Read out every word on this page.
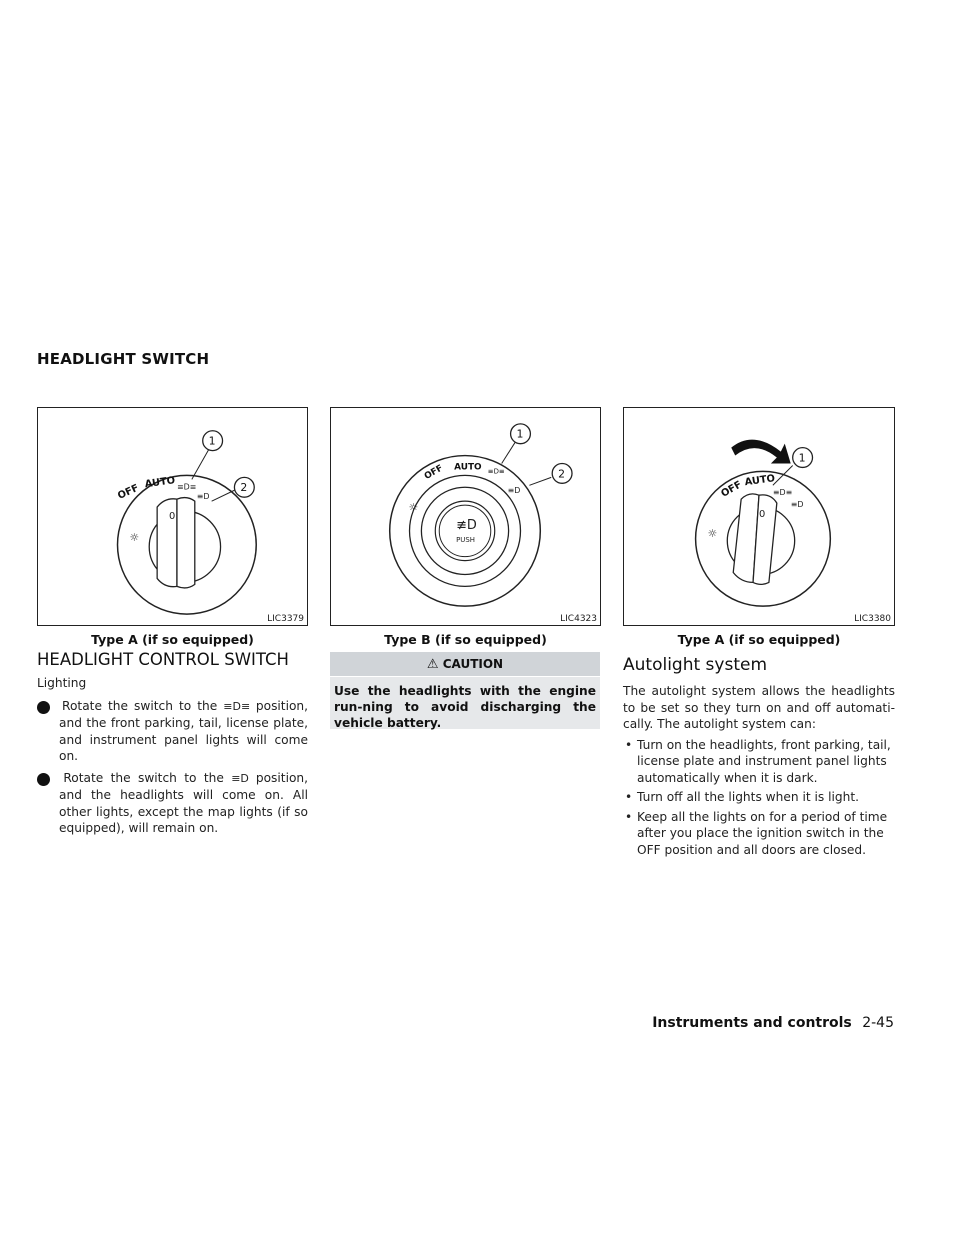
HEADLIGHT SWITCH
☼
0
OFF AUTO ≡D≡
≡D
1
2
LIC3379
Type A (if so equipped)
≢D
PUSH
☼
OFF AUTO ≡D≡
≡D
1
2
LIC4323
Type B (if so equipped)
☼
0
OFF AUTO
≡D≡
≡D
1
LIC3380
Type A (if so equipped)
HEADLIGHT CONTROL SWITCH
Lighting
1 Rotate the switch to the ≡D≡ position, and the front parking, tail, license plate, and instrument panel lights will come on.
2 Rotate the switch to the ≡D position, and the headlights will come on. All other lights, except the map lights (if so equipped), will remain on.
⚠ CAUTION
Use the headlights with the engine run-ning to avoid discharging the vehicle battery.
Autolight system
The autolight system allows the headlights to be set so they turn on and off automati-cally. The autolight system can:
• Turn on the headlights, front parking, tail, license plate and instrument panel lights automatically when it is dark.
• Turn off all the lights when it is light.
• Keep all the lights on for a period of time after you place the ignition switch in the OFF position and all doors are closed.
Instruments and controls 2-45
